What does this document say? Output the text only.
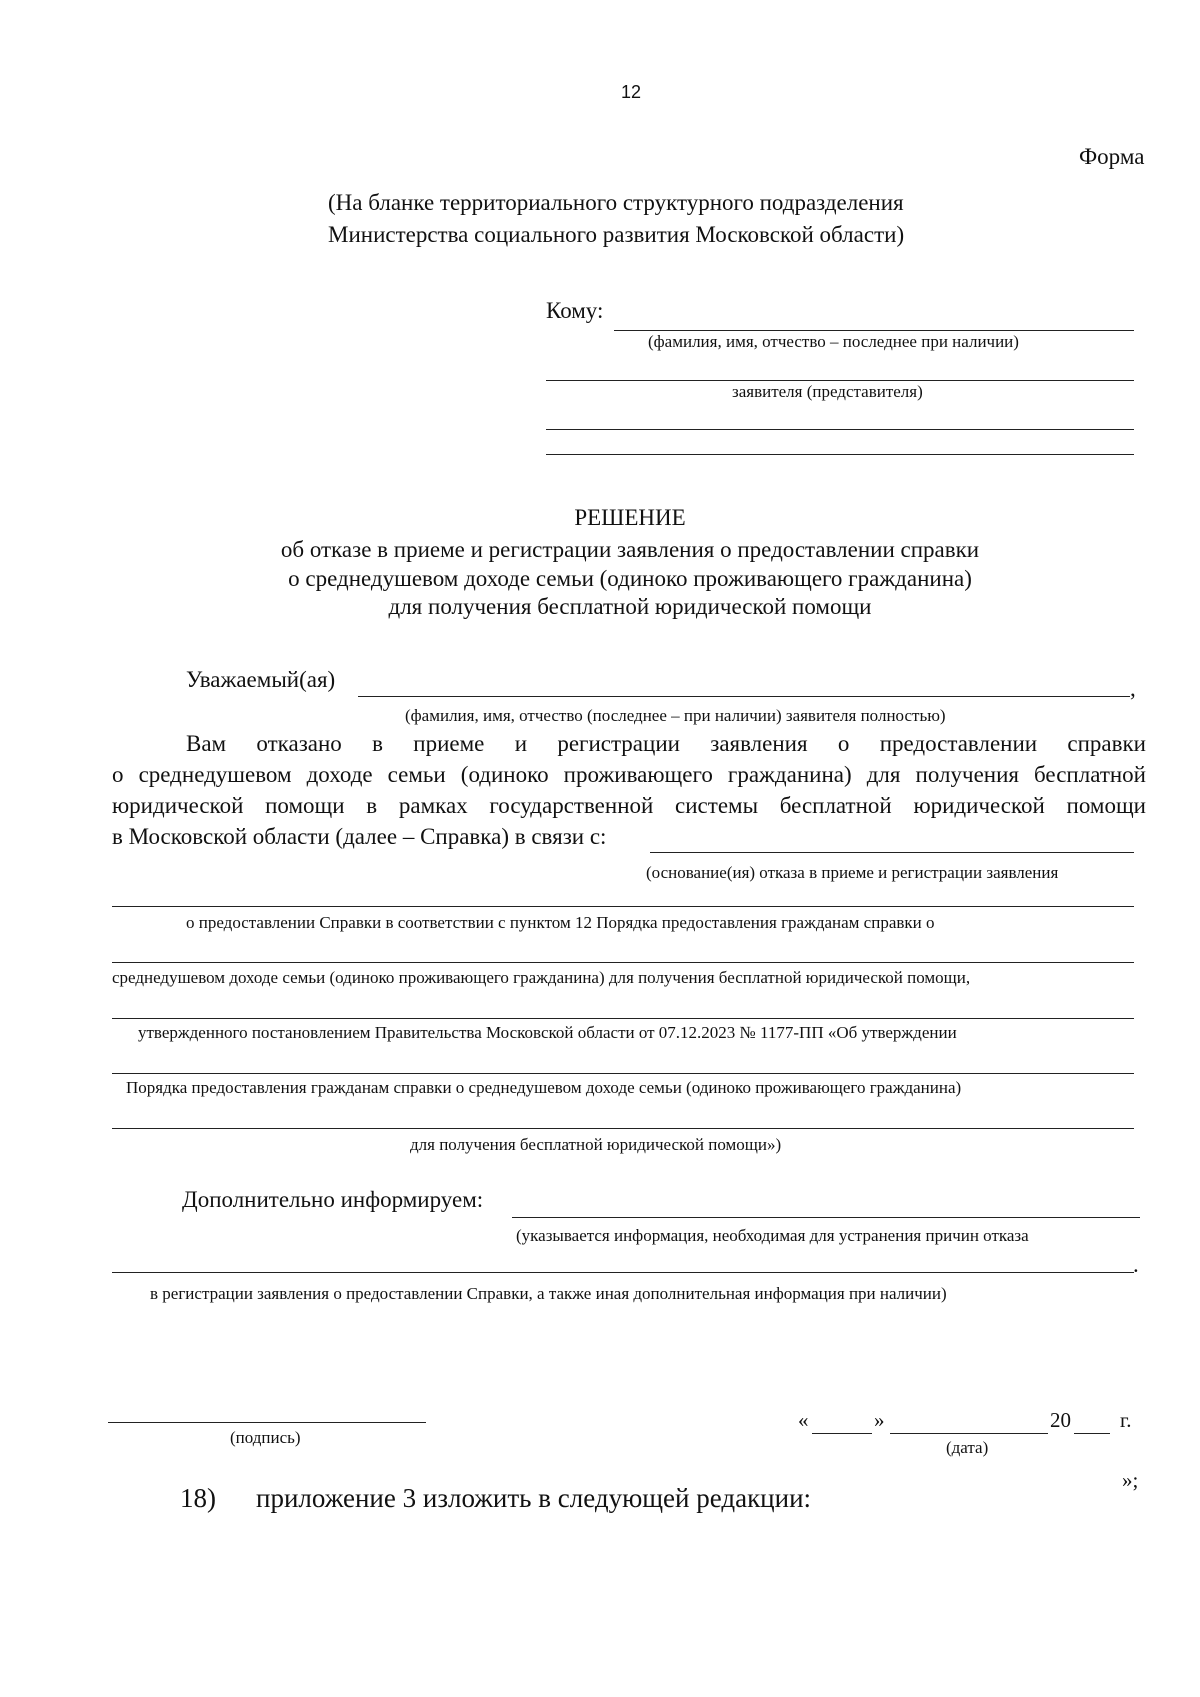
12
Форма
(На бланке территориального структурного подразделения
Министерства социального развития Московской области)
Кому:
(фамилия, имя, отчество – последнее при наличии)
заявителя (представителя)
РЕШЕНИЕ
об отказе в приеме и регистрации заявления о предоставлении справки
о среднедушевом доходе семьи (одиноко проживающего гражданина)
для получения бесплатной юридической помощи
Уважаемый(ая)	,
(фамилия, имя, отчество (последнее – при наличии) заявителя полностью)
Вам отказано в приеме и регистрации заявления о предоставлении справки
о среднедушевом доходе семьи (одиноко проживающего гражданина) для получения бесплатной
юридической помощи в рамках государственной системы бесплатной юридической помощи
в Московской области (далее – Справка) в связи с:
(основание(ия) отказа в приеме и регистрации заявления
о предоставлении Справки в соответствии с пунктом 12 Порядка предоставления гражданам справки о
среднедушевом доходе семьи (одиноко проживающего гражданина) для получения бесплатной юридической помощи,
утвержденного постановлением Правительства Московской области от 07.12.2023 № 1177-ПП «Об утверждении
Порядка предоставления гражданам справки о среднедушевом доходе семьи (одиноко проживающего гражданина)
для получения бесплатной юридической помощи»)
Дополнительно информируем:
(указывается информация, необходимая для устранения причин отказа
.
в регистрации заявления о предоставлении Справки, а также иная дополнительная информация при наличии)
(подпись)
«	»	20 г.
(дата)
»;
18) приложение 3 изложить в следующей редакции:
